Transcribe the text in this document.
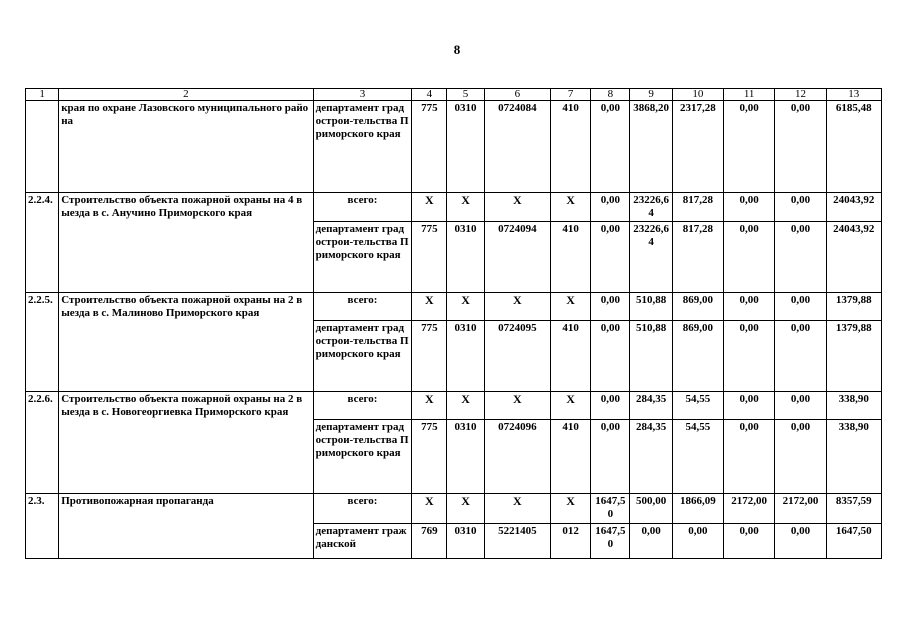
8
1	2	3	4	5	6	7	8	9	10	11	12	13
	края по охране Лазовского муниципального района	департамент градострои-тельства Приморского края	775	0310	0724084	410	0,00	3868,20	2317,28	0,00	0,00	6185,48
2.2.4.	Строительство объекта пожарной охраны на 4 выезда в с. Анучино Приморского края	всего:	X	X	X	X	0,00	23226,64	817,28	0,00	0,00	24043,92
		департамент градострои-тельства Приморского края	775	0310	0724094	410	0,00	23226,64	817,28	0,00	0,00	24043,92
2.2.5.	Строительство объекта пожарной охраны на 2 выезда в с. Малиново Приморского края	всего:	X	X	X	X	0,00	510,88	869,00	0,00	0,00	1379,88
		департамент градострои-тельства Приморского края	775	0310	0724095	410	0,00	510,88	869,00	0,00	0,00	1379,88
2.2.6.	Строительство объекта пожарной охраны на 2 выезда в с. Новогеоргиевка Приморского края	всего:	X	X	X	X	0,00	284,35	54,55	0,00	0,00	338,90
		департамент градострои-тельства Приморского края	775	0310	0724096	410	0,00	284,35	54,55	0,00	0,00	338,90
2.3.	Противопожарная пропаганда	всего:	X	X	X	X	1647,50	500,00	1866,09	2172,00	2172,00	8357,59
		департамент гражданской	769	0310	5221405	012	1647,50	0,00	0,00	0,00	0,00	1647,50
